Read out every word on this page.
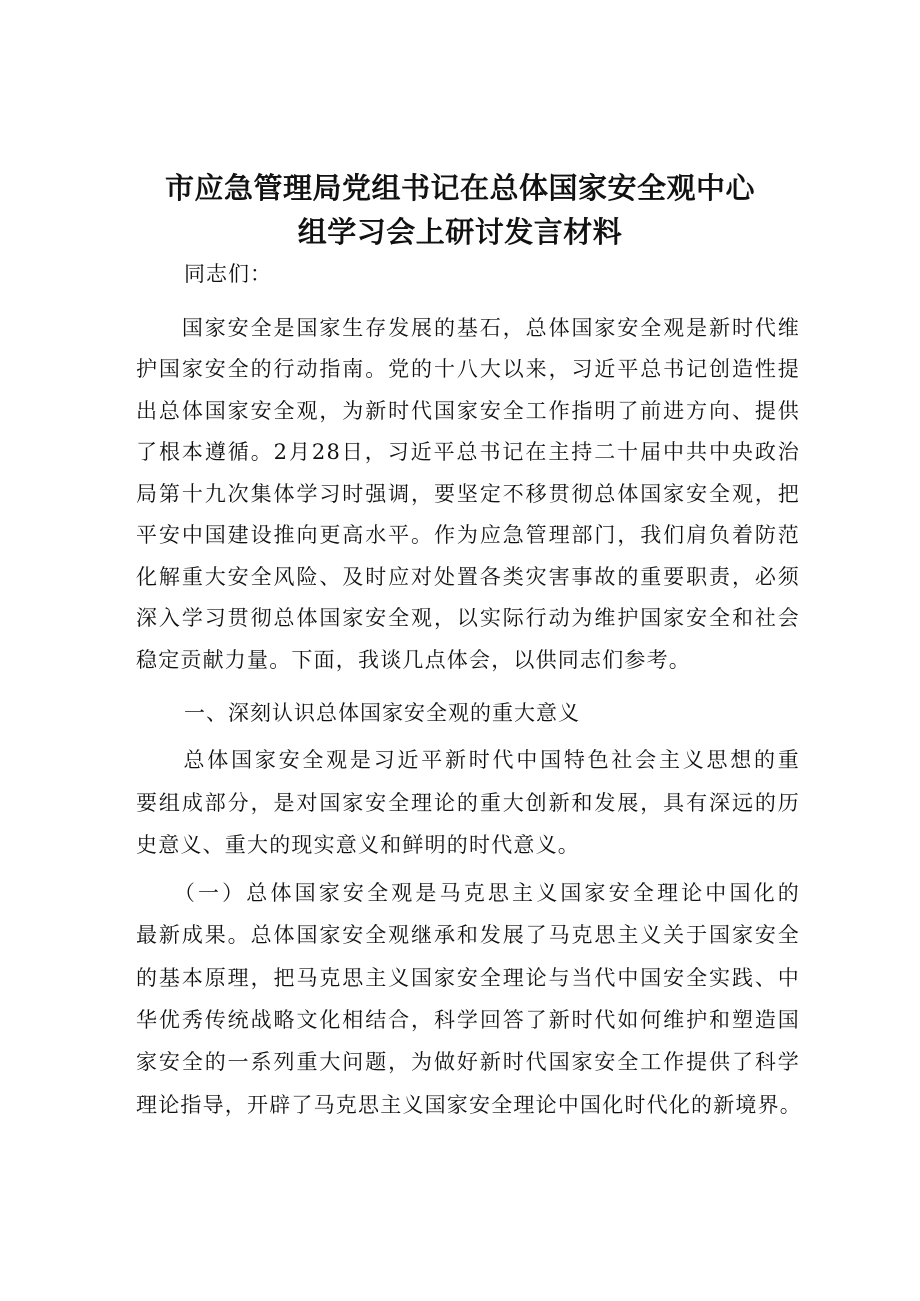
市应急管理局党组书记在总体国家安全观中心
组学习会上研讨发言材料
同志们：
　　国家安全是国家生存发展的基石，总体国家安全观是新时代维
护国家安全的行动指南。党的十八大以来，习近平总书记创造性提
出总体国家安全观，为新时代国家安全工作指明了前进方向、提供
了根本遵循。2月28日，习近平总书记在主持二十届中共中央政治
局第十九次集体学习时强调，要坚定不移贯彻总体国家安全观，把
平安中国建设推向更高水平。作为应急管理部门，我们肩负着防范
化解重大安全风险、及时应对处置各类灾害事故的重要职责，必须
深入学习贯彻总体国家安全观，以实际行动为维护国家安全和社会
稳定贡献力量。下面，我谈几点体会，以供同志们参考。
一、深刻认识总体国家安全观的重大意义
　　总体国家安全观是习近平新时代中国特色社会主义思想的重
要组成部分，是对国家安全理论的重大创新和发展，具有深远的历
史意义、重大的现实意义和鲜明的时代意义。
　　（一）总体国家安全观是马克思主义国家安全理论中国化的
最新成果。总体国家安全观继承和发展了马克思主义关于国家安全
的基本原理，把马克思主义国家安全理论与当代中国安全实践、中
华优秀传统战略文化相结合，科学回答了新时代如何维护和塑造国
家安全的一系列重大问题，为做好新时代国家安全工作提供了科学
理论指导，开辟了马克思主义国家安全理论中国化时代化的新境界。
